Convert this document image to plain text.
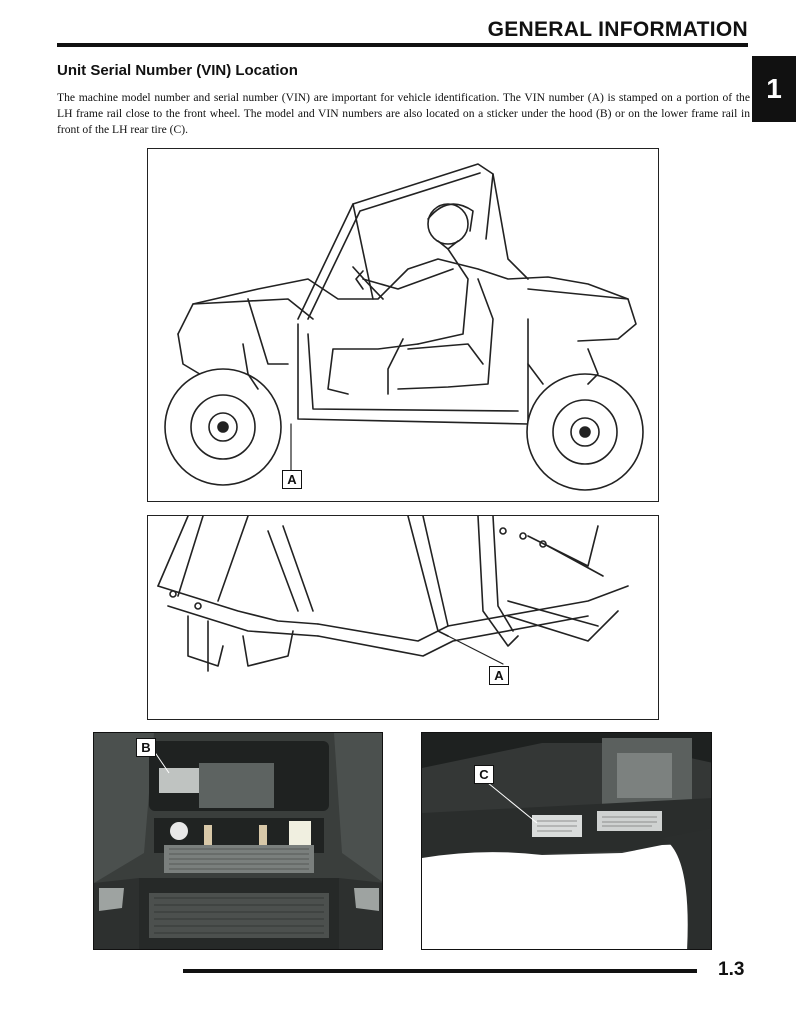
GENERAL INFORMATION
1
Unit Serial Number (VIN) Location

The machine model number and serial number (VIN) are important for vehicle identification. The VIN number (A) is stamped on a portion of the LH frame rail close to the front wheel. The model and VIN numbers are also located on a sticker under the hood (B) or on the lower frame rail in front of the LH rear tire (C).

A
A
B
C
1.3
